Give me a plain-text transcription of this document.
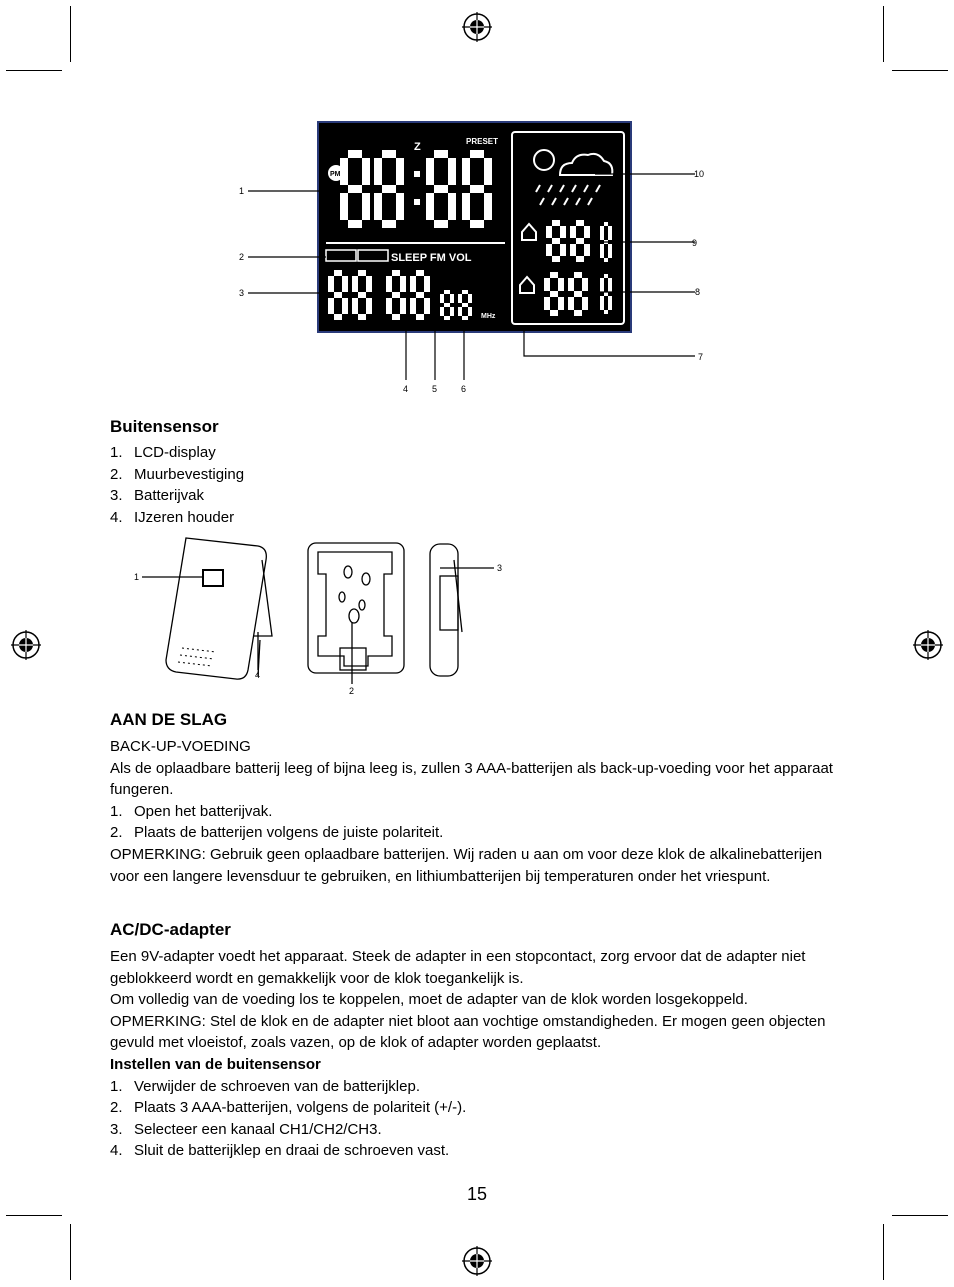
PRESET
Z
PM
SLEEP FM VOL
MHz
1
2
3
4	5	6
7
8
9
10
Buitensensor
1. LCD-display
2. Muurbevestiging
3. Batterijvak
4. IJzeren houder
1
2
3
4
AAN DE SLAG

BACK-UP-VOEDING

Als de oplaadbare batterij leeg of bijna leeg is, zullen 3 AAA-batterijen als back-up-voeding voor het apparaat fungeren.

1. Open het batterijvak.
2. Plaats de batterijen volgens de juiste polariteit.

OPMERKING: Gebruik geen oplaadbare batterijen. Wij raden u aan om voor deze klok de alkalinebatterijen voor een langere levensduur te gebruiken, en lithiumbatterijen bij temperaturen onder het vriespunt.

AC/DC-adapter

Een 9V-adapter voedt het apparaat. Steek de adapter in een stopcontact, zorg ervoor dat de adapter niet geblokkeerd wordt en gemakkelijk voor de klok toegankelijk is.

Om volledig van de voeding los te koppelen, moet de adapter van de klok worden losgekoppeld.

OPMERKING: Stel de klok en de adapter niet bloot aan vochtige omstandigheden. Er mogen geen objecten gevuld met vloeistof, zoals vazen, op de klok of adapter worden geplaatst.

Instellen van de buitensensor

1. Verwijder de schroeven van de batterijklep.
2. Plaats 3 AAA-batterijen, volgens de polariteit (+/-).
3. Selecteer een kanaal CH1/CH2/CH3.
4. Sluit de batterijklep en draai de schroeven vast.
15
